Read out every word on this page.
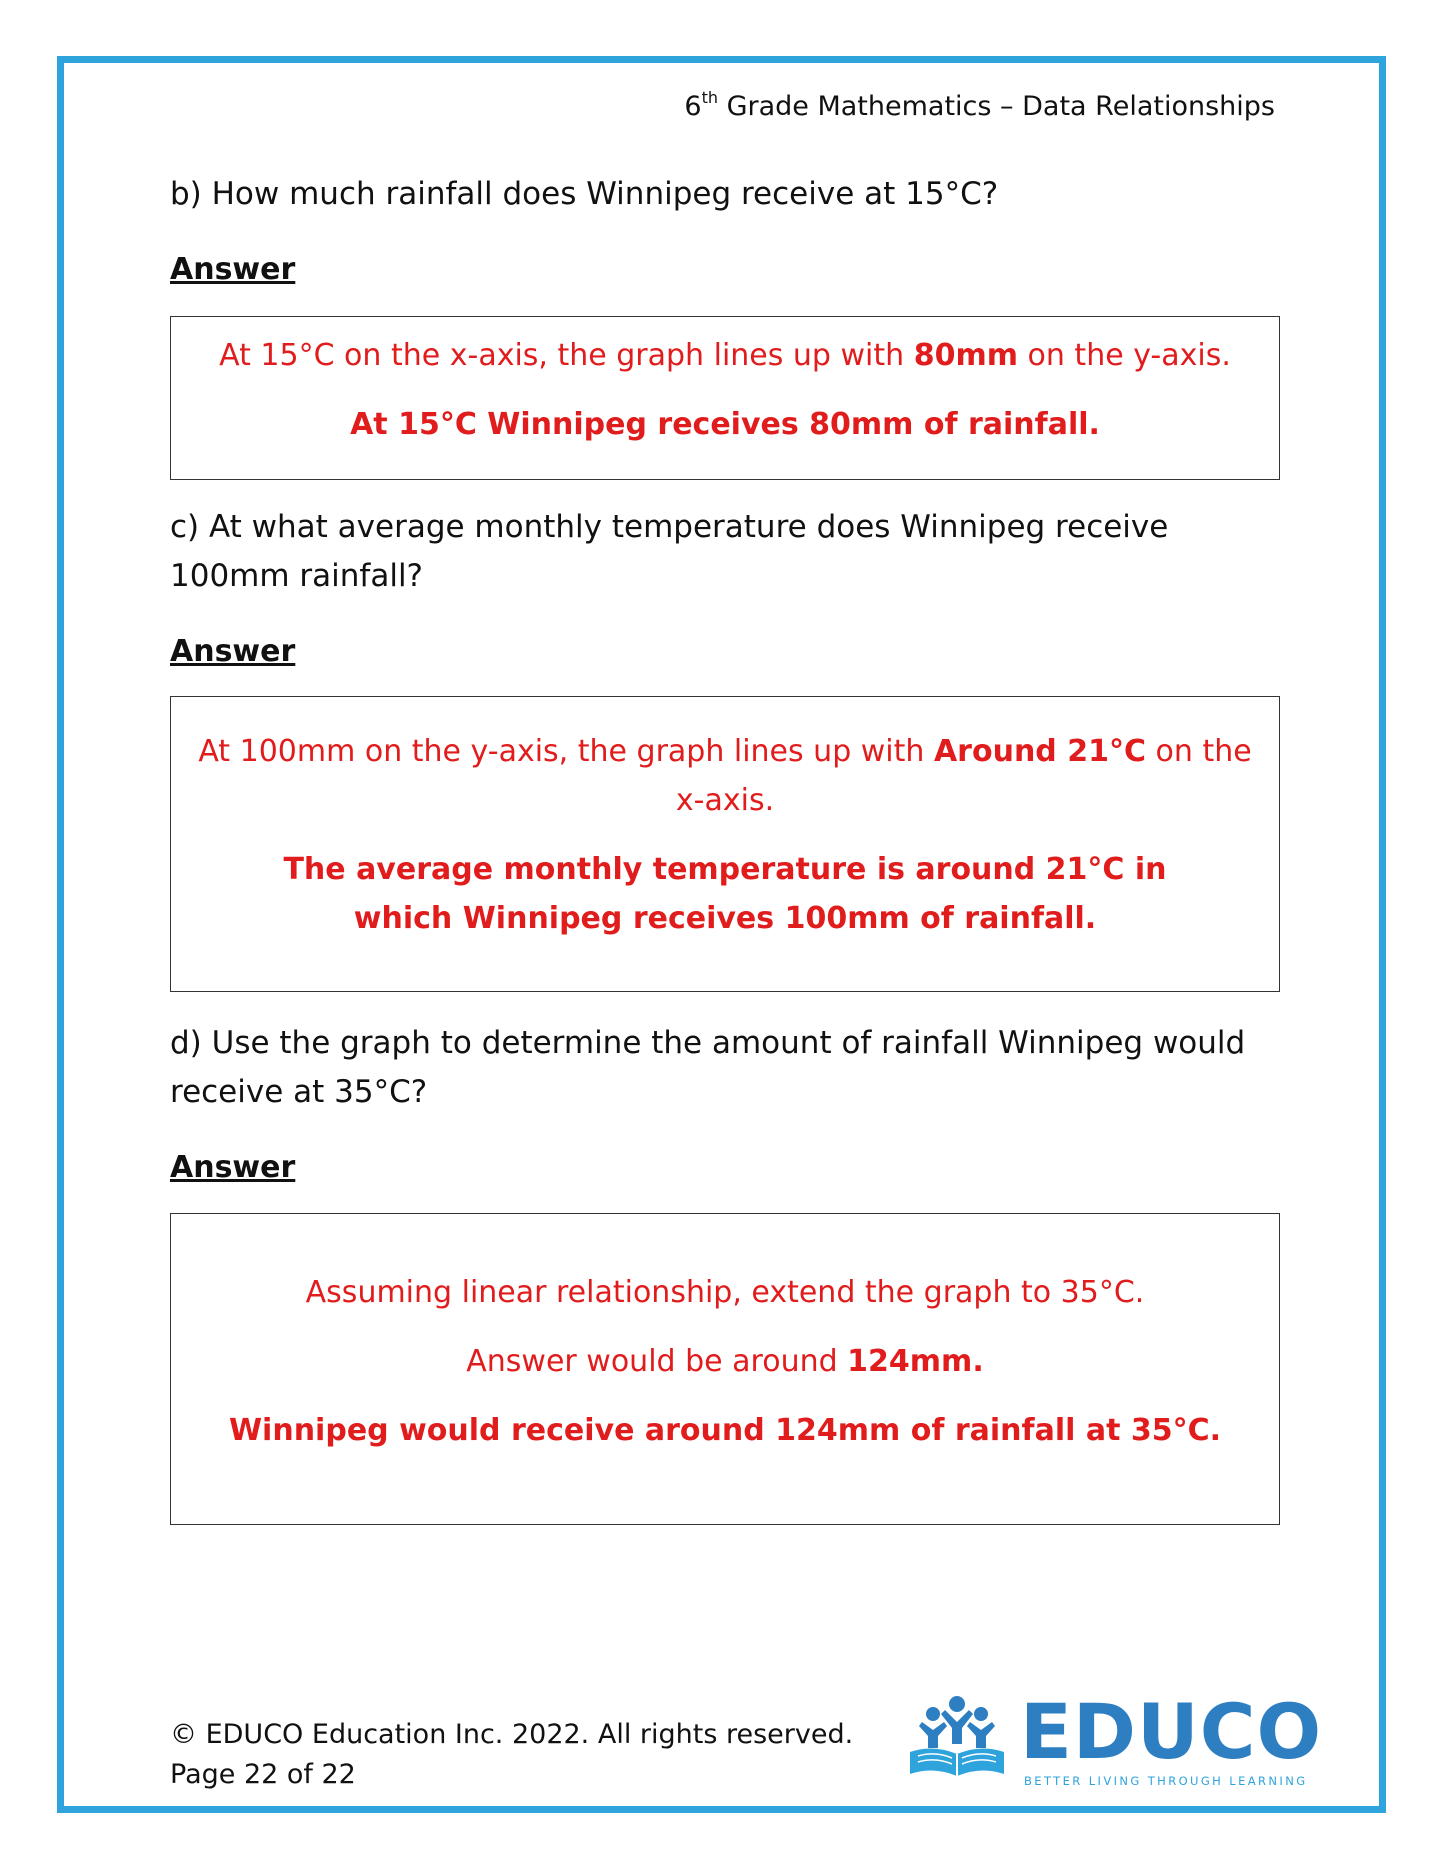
6th Grade Mathematics – Data Relationships
b) How much rainfall does Winnipeg receive at 15°C?
Answer

At 15°C on the x-axis, the graph lines up with 80mm on the y-axis.

At 15°C Winnipeg receives 80mm of rainfall.

c) At what average monthly temperature does Winnipeg receive 100mm rainfall?
Answer

At 100mm on the y-axis, the graph lines up with Around 21°C on the x-axis.

The average monthly temperature is around 21°C in which Winnipeg receives 100mm of rainfall.

d) Use the graph to determine the amount of rainfall Winnipeg would receive at 35°C?
Answer

Assuming linear relationship, extend the graph to 35°C.

Answer would be around 124mm.

Winnipeg would receive around 124mm of rainfall at 35°C.

© EDUCO Education Inc. 2022. All rights reserved.
Page 22 of 22	EDUCO
BETTER LIVING THROUGH LEARNING
